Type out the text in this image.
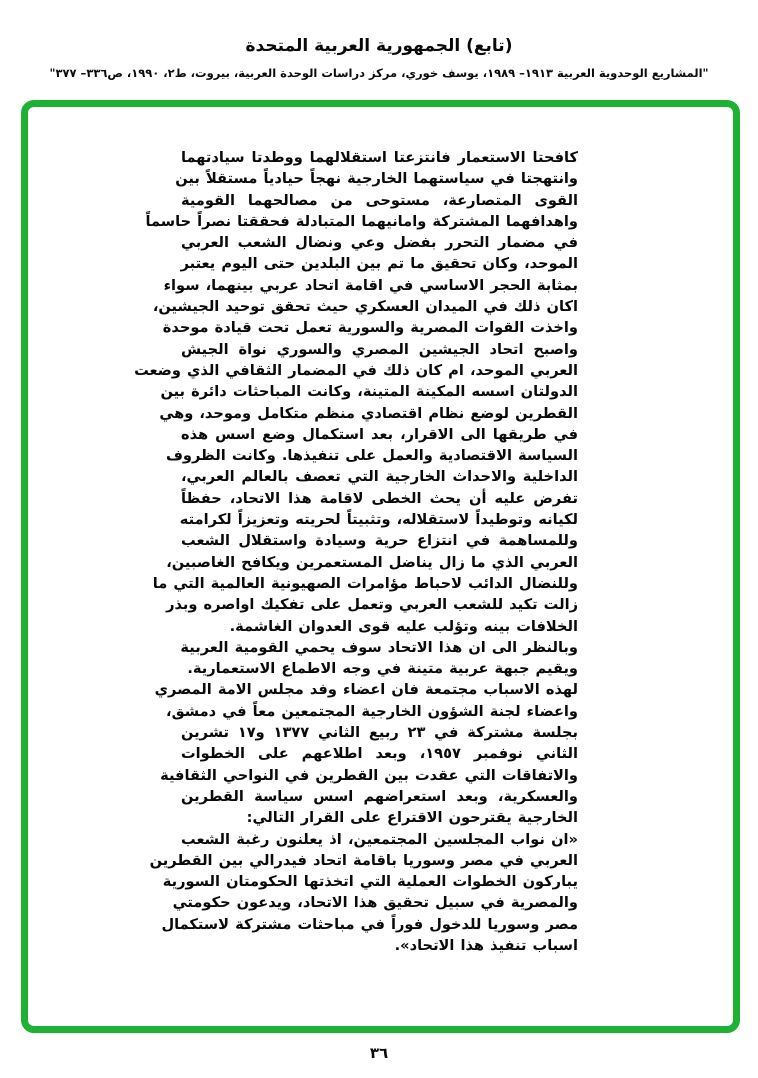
(تابع) الجمهورية العربية المتحدة
"المشاريع الوحدوية العربية ١٩١٣– ١٩٨٩، يوسف خوري، مركز دراسات الوحدة العربية، بيروت، ط٢، ١٩٩٠، ص٣٣٦– ٣٧٧"
كافحتا الاستعمار فانتزعتا استقلالهما ووطدتا سيادتهما
وانتهجتا في سياستهما الخارجية نهجاً حيادياً مستقلاً بين
القوى المتصارعة، مستوحى من مصالحهما القومية
واهدافهما المشتركة وامانيهما المتبادلة فحققتا نصراً حاسماً
في مضمار التحرر بفضل وعي ونضال الشعب العربي
الموحد، وكان تحقيق ما تم بين البلدين حتى اليوم يعتبر
بمثابة الحجر الاساسي في اقامة اتحاد عربي بينهما، سواء
اكان ذلك في الميدان العسكري حيث تحقق توحيد الجيشين،
واخذت القوات المصرية والسورية تعمل تحت قيادة موحدة
واصبح اتحاد الجيشين المصري والسوري نواة الجيش
العربي الموحد، ام كان ذلك في المضمار الثقافي الذي وضعت
الدولتان اسسه المكينة المتينة، وكانت المباحثات دائرة بين
القطرين لوضع نظام اقتصادي منظم متكامل وموحد، وهي
في طريقها الى الاقرار، بعد استكمال وضع اسس هذه
السياسة الاقتصادية والعمل على تنفيذها. وكانت الظروف
الداخلية والاحداث الخارجية التي تعصف بالعالم العربي،
تفرض عليه أن يحث الخطى لاقامة هذا الاتحاد، حفظاً
لكيانه وتوطيداً لاستقلاله، وتثبيتاً لحريته وتعزيزاً لكرامته
وللمساهمة في انتزاع حرية وسيادة واستقلال الشعب
العربي الذي ما زال يناضل المستعمرين ويكافح الغاصبين،
وللنضال الدائب لاحباط مؤامرات الصهيونية العالمية التي ما
زالت تكيد للشعب العربي وتعمل على تفكيك اواصره وبذر
الخلافات بينه وتؤلب عليه قوى العدوان الغاشمة.
وبالنظر الى ان هذا الاتحاد سوف يحمي القومية العربية
ويقيم جبهة عربية متينة في وجه الاطماع الاستعمارية.
لهذه الاسباب مجتمعة فان اعضاء وفد مجلس الامة المصري
واعضاء لجنة الشؤون الخارجية المجتمعين معاً في دمشق،
بجلسة مشتركة في ٢٣ ربيع الثاني ١٣٧٧ و١٧ تشرين
الثاني نوفمبر ١٩٥٧، وبعد اطلاعهم على الخطوات
والاتفاقات التي عقدت بين القطرين في النواحي الثقافية
والعسكرية، وبعد استعراضهم اسس سياسة القطرين
الخارجية يقترحون الاقتراع على القرار التالي:
«ان نواب المجلسين المجتمعين، اذ يعلنون رغبة الشعب
العربي في مصر وسوريا باقامة اتحاد فيدرالي بين القطرين
يباركون الخطوات العملية التي اتخذتها الحكومتان السورية
والمصرية في سبيل تحقيق هذا الاتحاد، ويدعون حكومتي
مصر وسوريا للدخول فوراً في مباحثات مشتركة لاستكمال
اسباب تنفيذ هذا الاتحاد».
٣٦
